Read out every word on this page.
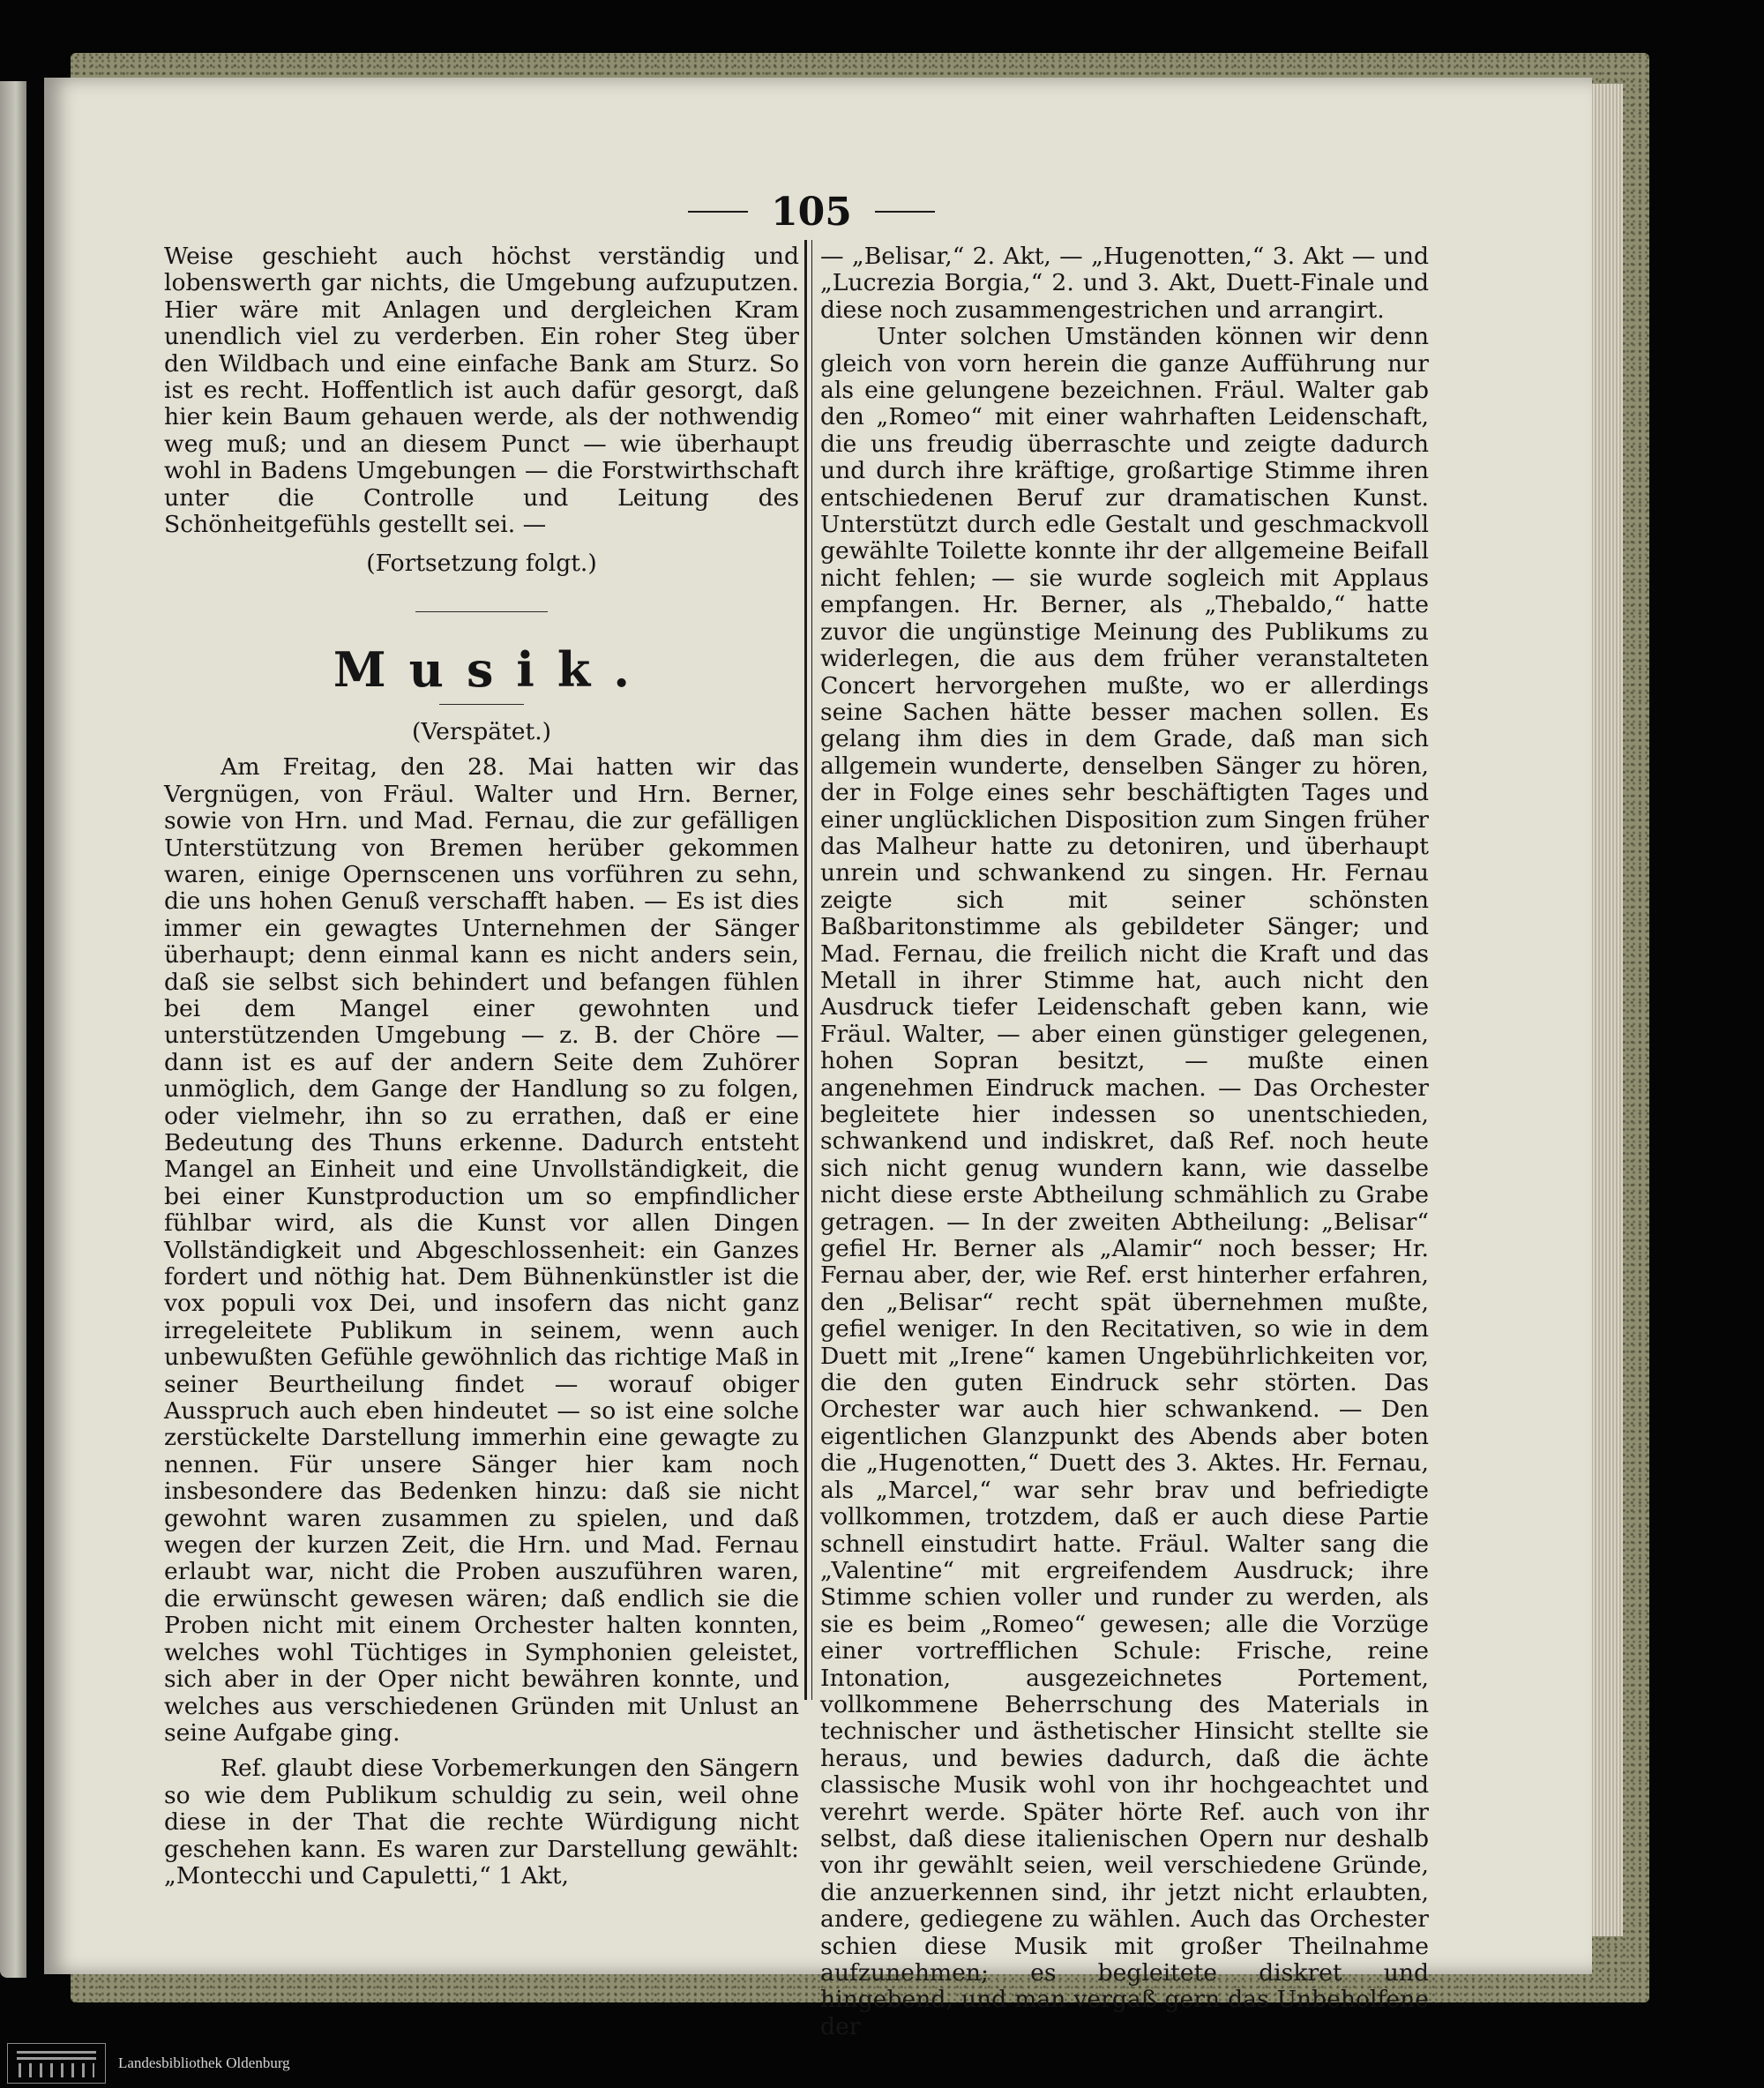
105

Weise geschieht auch höchst verständig und lobenswerth gar nichts, die Umgebung aufzuputzen. Hier wäre mit Anlagen und dergleichen Kram unendlich viel zu verderben. Ein roher Steg über den Wildbach und eine einfache Bank am Sturz. So ist es recht. Hoffentlich ist auch dafür gesorgt, daß hier kein Baum gehauen werde, als der nothwendig weg muß; und an diesem Punct — wie überhaupt wohl in Badens Umgebungen — die Forstwirthschaft unter die Controlle und Leitung des Schönheitgefühls gestellt sei. —

(Fortsetzung folgt.)

Musik.

(Verspätet.)

Am Freitag, den 28. Mai hatten wir das Vergnügen, von Fräul. Walter und Hrn. Berner, sowie von Hrn. und Mad. Fernau, die zur gefälligen Unterstützung von Bremen herüber gekommen waren, einige Opernscenen uns vorführen zu sehn, die uns hohen Genuß verschafft haben. — Es ist dies immer ein gewagtes Unternehmen der Sänger überhaupt; denn einmal kann es nicht anders sein, daß sie selbst sich behindert und befangen fühlen bei dem Mangel einer gewohnten und unterstützenden Umgebung — z. B. der Chöre — dann ist es auf der andern Seite dem Zuhörer unmöglich, dem Gange der Handlung so zu folgen, oder vielmehr, ihn so zu errathen, daß er eine Bedeutung des Thuns erkenne. Dadurch entsteht Mangel an Einheit und eine Unvollständigkeit, die bei einer Kunstproduction um so empfindlicher fühlbar wird, als die Kunst vor allen Dingen Vollständigkeit und Abgeschlossenheit: ein Ganzes fordert und nöthig hat. Dem Bühnenkünstler ist die vox populi vox Dei, und insofern das nicht ganz irregeleitete Publikum in seinem, wenn auch unbewußten Gefühle gewöhnlich das richtige Maß in seiner Beurtheilung findet — worauf obiger Ausspruch auch eben hindeutet — so ist eine solche zerstückelte Darstellung immerhin eine gewagte zu nennen. Für unsere Sänger hier kam noch insbesondere das Bedenken hinzu: daß sie nicht gewohnt waren zusammen zu spielen, und daß wegen der kurzen Zeit, die Hrn. und Mad. Fernau erlaubt war, nicht die Proben auszuführen waren, die erwünscht gewesen wären; daß endlich sie die Proben nicht mit einem Orchester halten konnten, welches wohl Tüchtiges in Symphonien geleistet, sich aber in der Oper nicht bewähren konnte, und welches aus verschiedenen Gründen mit Unlust an seine Aufgabe ging.

Ref. glaubt diese Vorbemerkungen den Sängern so wie dem Publikum schuldig zu sein, weil ohne diese in der That die rechte Würdigung nicht geschehen kann. Es waren zur Darstellung gewählt: „Montecchi und Capuletti,“ 1 Akt,

— „Belisar,“ 2. Akt, — „Hugenotten,“ 3. Akt — und „Lucrezia Borgia,“ 2. und 3. Akt, Duett-Finale und diese noch zusammengestrichen und arrangirt.

Unter solchen Umständen können wir denn gleich von vorn herein die ganze Aufführung nur als eine gelungene bezeichnen. Fräul. Walter gab den „Romeo“ mit einer wahrhaften Leidenschaft, die uns freudig überraschte und zeigte dadurch und durch ihre kräftige, großartige Stimme ihren entschiedenen Beruf zur dramatischen Kunst. Unterstützt durch edle Gestalt und geschmackvoll gewählte Toilette konnte ihr der allgemeine Beifall nicht fehlen; — sie wurde sogleich mit Applaus empfangen. Hr. Berner, als „Thebaldo,“ hatte zuvor die ungünstige Meinung des Publikums zu widerlegen, die aus dem früher veranstalteten Concert hervorgehen mußte, wo er allerdings seine Sachen hätte besser machen sollen. Es gelang ihm dies in dem Grade, daß man sich allgemein wunderte, denselben Sänger zu hören, der in Folge eines sehr beschäftigten Tages und einer unglücklichen Disposition zum Singen früher das Malheur hatte zu detoniren, und überhaupt unrein und schwankend zu singen. Hr. Fernau zeigte sich mit seiner schönsten Baßbaritonstimme als gebildeter Sänger; und Mad. Fernau, die freilich nicht die Kraft und das Metall in ihrer Stimme hat, auch nicht den Ausdruck tiefer Leidenschaft geben kann, wie Fräul. Walter, — aber einen günstiger gelegenen, hohen Sopran besitzt, — mußte einen angenehmen Eindruck machen. — Das Orchester begleitete hier indessen so unentschieden, schwankend und indiskret, daß Ref. noch heute sich nicht genug wundern kann, wie dasselbe nicht diese erste Abtheilung schmählich zu Grabe getragen. — In der zweiten Abtheilung: „Belisar“ gefiel Hr. Berner als „Alamir“ noch besser; Hr. Fernau aber, der, wie Ref. erst hinterher erfahren, den „Belisar“ recht spät übernehmen mußte, gefiel weniger. In den Recitativen, so wie in dem Duett mit „Irene“ kamen Ungebührlichkeiten vor, die den guten Eindruck sehr störten. Das Orchester war auch hier schwankend. — Den eigentlichen Glanzpunkt des Abends aber boten die „Hugenotten,“ Duett des 3. Aktes. Hr. Fernau, als „Marcel,“ war sehr brav und befriedigte vollkommen, trotzdem, daß er auch diese Partie schnell einstudirt hatte. Fräul. Walter sang die „Valentine“ mit ergreifendem Ausdruck; ihre Stimme schien voller und runder zu werden, als sie es beim „Romeo“ gewesen; alle die Vorzüge einer vortrefflichen Schule: Frische, reine Intonation, ausgezeichnetes Portement, vollkommene Beherrschung des Materials in technischer und ästhetischer Hinsicht stellte sie heraus, und bewies dadurch, daß die ächte classische Musik wohl von ihr hochgeachtet und verehrt werde. Später hörte Ref. auch von ihr selbst, daß diese italienischen Opern nur deshalb von ihr gewählt seien, weil verschiedene Gründe, die anzuerkennen sind, ihr jetzt nicht erlaubten, andere, gediegene zu wählen. Auch das Orchester schien diese Musik mit großer Theilnahme aufzunehmen; es begleitete diskret und hingebend, und man vergaß gern das Unbeholfene der

Landesbibliothek Oldenburg
